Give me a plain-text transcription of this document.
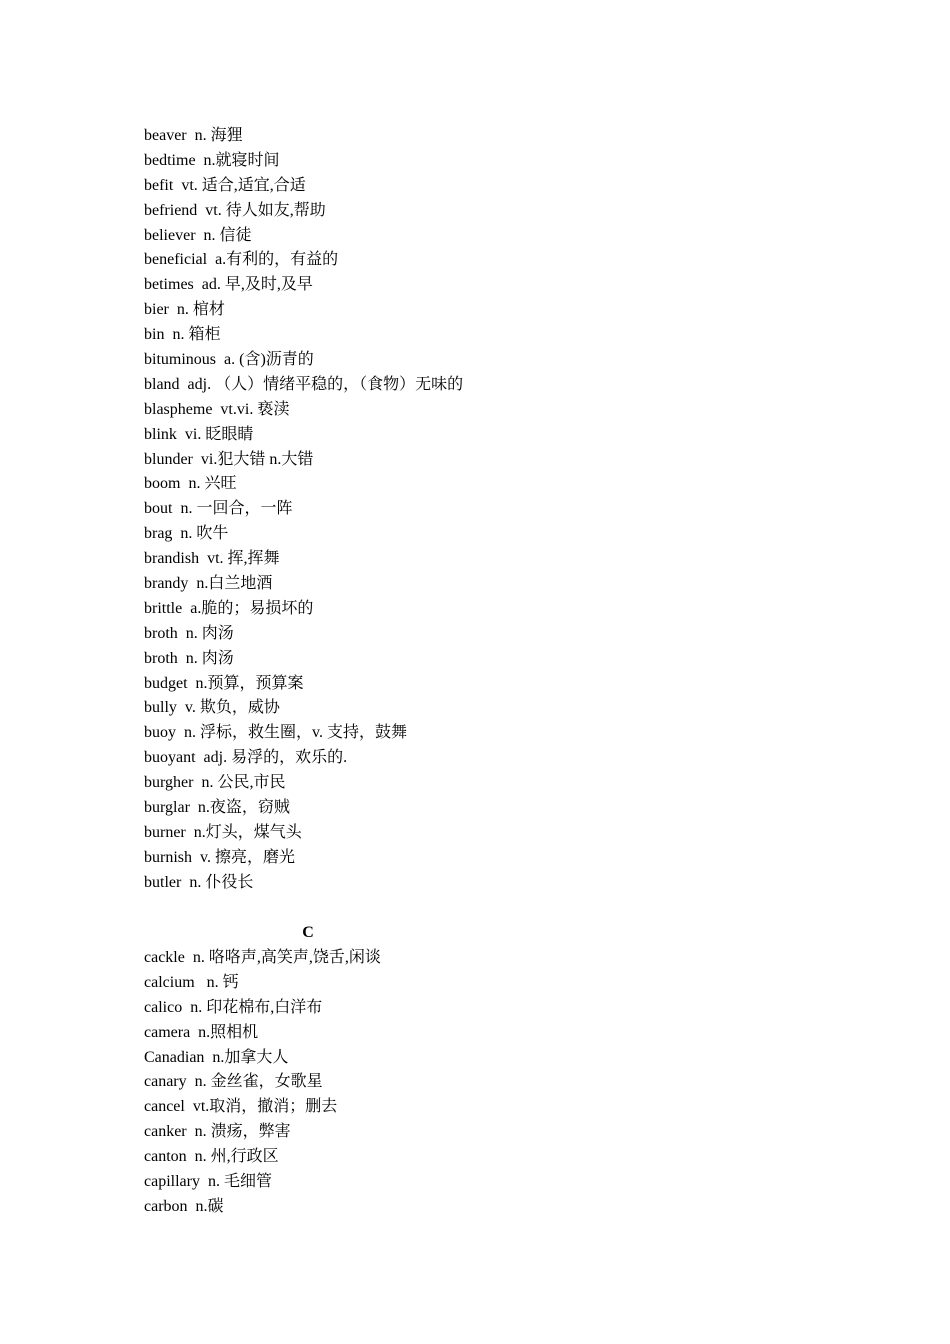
beaver  n. 海狸
bedtime  n.就寝时间
befit  vt. 适合,适宜,合适
befriend  vt. 待人如友,帮助
believer  n. 信徒
beneficial  a.有利的，有益的
betimes  ad. 早,及时,及早
bier  n. 棺材
bin  n. 箱柜
bituminous  a. (含)沥青的
bland  adj. （人）情绪平稳的，（食物）无味的
blaspheme  vt.vi. 亵渎
blink  vi. 眨眼睛
blunder  vi.犯大错 n.大错
boom  n. 兴旺
bout  n. 一回合，一阵
brag  n. 吹牛
brandish  vt. 挥,挥舞
brandy  n.白兰地酒
brittle  a.脆的；易损坏的
broth  n. 肉汤
broth  n. 肉汤
budget  n.预算，预算案
bully  v. 欺负，威协
buoy  n. 浮标，救生圈，v. 支持，鼓舞
buoyant  adj. 易浮的，欢乐的.
burgher  n. 公民,市民
burglar  n.夜盗，窃贼
burner  n.灯头，煤气头
burnish  v. 擦亮，磨光
butler  n. 仆役长
C
cackle  n. 咯咯声,高笑声,饶舌,闲谈
calcium   n. 钙
calico  n. 印花棉布,白洋布
camera  n.照相机
Canadian  n.加拿大人
canary  n. 金丝雀，女歌星
cancel  vt.取消，撤消；删去
canker  n. 溃疡，弊害
canton  n. 州,行政区
capillary  n. 毛细管
carbon  n.碳
